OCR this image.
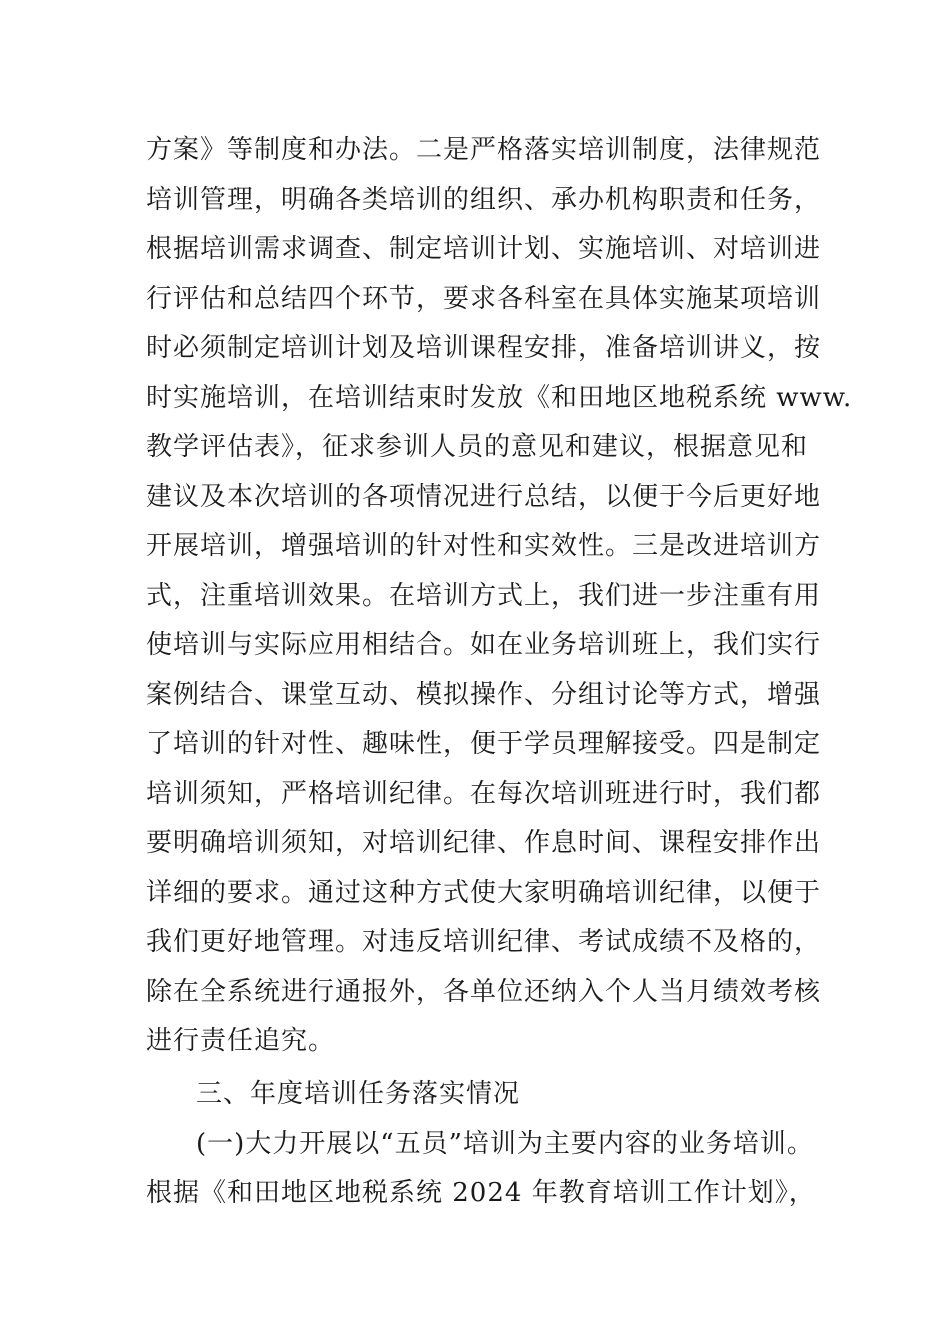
方案》等制度和办法。二是严格落实培训制度，法律规范
培训管理，明确各类培训的组织、承办机构职责和任务，
根据培训需求调查、制定培训计划、实施培训、对培训进
行评估和总结四个环节，要求各科室在具体实施某项培训
时必须制定培训计划及培训课程安排，准备培训讲义，按
时实施培训，在培训结束时发放《和田地区地税系统 www.
教学评估表》，征求参训人员的意见和建议，根据意见和
建议及本次培训的各项情况进行总结，以便于今后更好地
开展培训，增强培训的针对性和实效性。三是改进培训方
式，注重培训效果。在培训方式上，我们进一步注重有用
使培训与实际应用相结合。如在业务培训班上，我们实行
案例结合、课堂互动、模拟操作、分组讨论等方式，增强
了培训的针对性、趣味性，便于学员理解接受。四是制定
培训须知，严格培训纪律。在每次培训班进行时，我们都
要明确培训须知，对培训纪律、作息时间、课程安排作出
详细的要求。通过这种方式使大家明确培训纪律，以便于
我们更好地管理。对违反培训纪律、考试成绩不及格的，
除在全系统进行通报外，各单位还纳入个人当月绩效考核
进行责任追究。
三、年度培训任务落实情况
(一)大力开展以“五员”培训为主要内容的业务培训。
根据《和田地区地税系统 2024 年教育培训工作计划》，
